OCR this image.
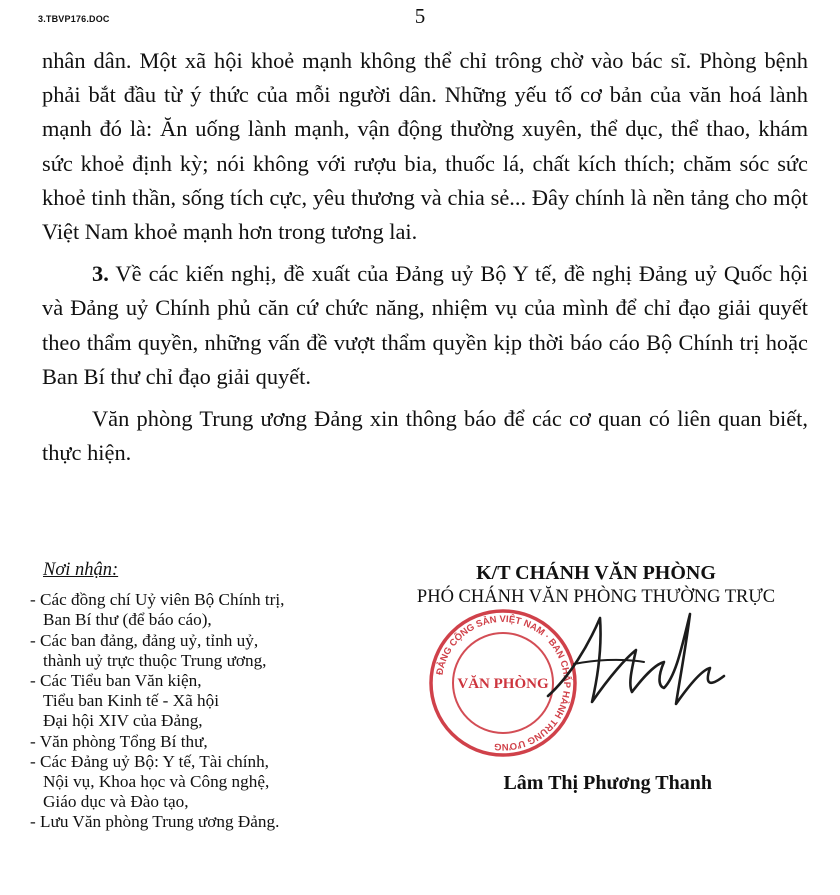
3.TBVP176.DOC	5

nhân dân. Một xã hội khoẻ mạnh không thể chỉ trông chờ vào bác sĩ. Phòng bệnh phải bắt đầu từ ý thức của mỗi người dân. Những yếu tố cơ bản của văn hoá lành mạnh đó là: Ăn uống lành mạnh, vận động thường xuyên, thể dục, thể thao, khám sức khoẻ định kỳ; nói không với rượu bia, thuốc lá, chất kích thích; chăm sóc sức khoẻ tinh thần, sống tích cực, yêu thương và chia sẻ... Đây chính là nền tảng cho một Việt Nam khoẻ mạnh hơn trong tương lai.

3. Về các kiến nghị, đề xuất của Đảng uỷ Bộ Y tế, đề nghị Đảng uỷ Quốc hội và Đảng uỷ Chính phủ căn cứ chức năng, nhiệm vụ của mình để chỉ đạo giải quyết theo thẩm quyền, những vấn đề vượt thẩm quyền kịp thời báo cáo Bộ Chính trị hoặc Ban Bí thư chỉ đạo giải quyết.

Văn phòng Trung ương Đảng xin thông báo để các cơ quan có liên quan biết, thực hiện.

Nơi nhận:
- Các đồng chí Uỷ viên Bộ Chính trị,
Ban Bí thư (để báo cáo),
- Các ban đảng, đảng uỷ, tỉnh uỷ,
thành uỷ trực thuộc Trung ương,
- Các Tiểu ban Văn kiện,
Tiểu ban Kinh tế - Xã hội
Đại hội XIV của Đảng,
- Văn phòng Tổng Bí thư,
- Các Đảng uỷ Bộ: Y tế, Tài chính,
Nội vụ, Khoa học và Công nghệ,
Giáo dục và Đào tạo,
- Lưu Văn phòng Trung ương Đảng.
K/T CHÁNH VĂN PHÒNG
PHÓ CHÁNH VĂN PHÒNG THƯỜNG TRỰC
VĂN PHÒNG
ĐẢNG CỘNG SẢN VIỆT NAM · BAN CHẤP HÀNH TRUNG ƯƠNG
Lâm Thị Phương Thanh
